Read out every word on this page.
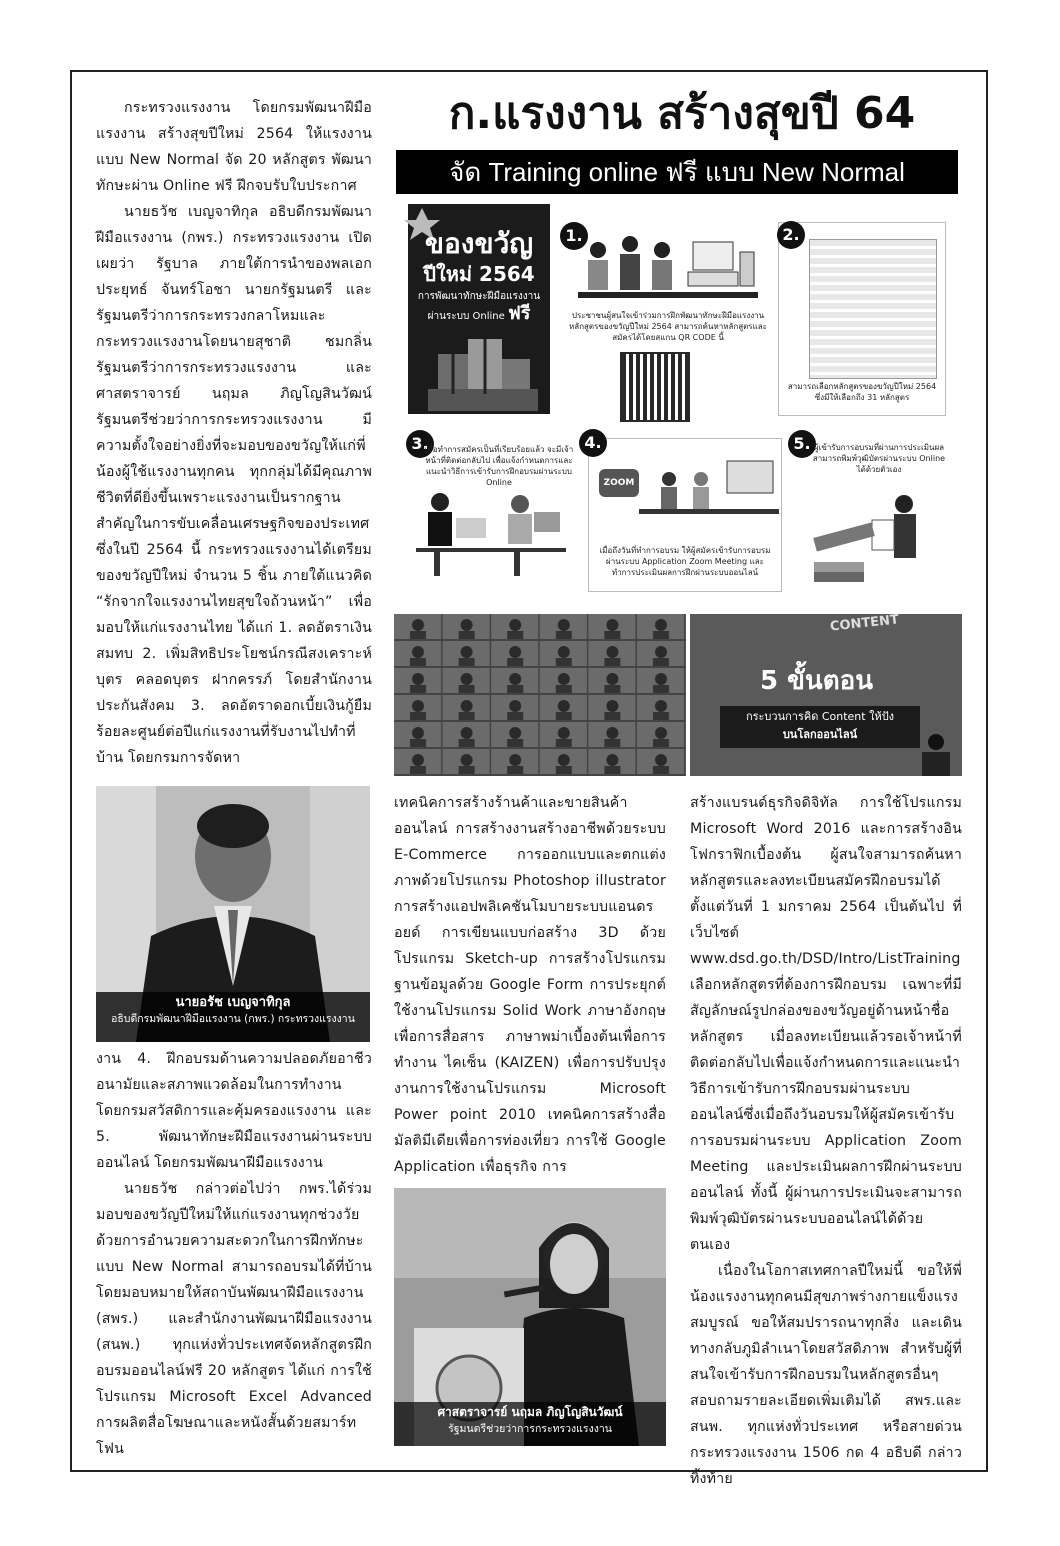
กระทรวงแรงงาน โดยกรมพัฒนาฝีมือแรงงาน สร้างสุขปีใหม่ 2564 ให้แรงงานแบบ New Normal จัด 20 หลักสูตร พัฒนาทักษะผ่าน Online ฟรี ฝึกจบรับใบประกาศ

นายธวัช เบญจาทิกุล อธิบดีกรมพัฒนาฝีมือแรงงาน (กพร.) กระทรวงแรงงาน เปิดเผยว่า รัฐบาล ภายใต้การนำของพลเอก ประยุทธ์ จันทร์โอชา นายกรัฐมนตรี และรัฐมนตรีว่าการกระทรวงกลาโหมและกระทรวงแรงงานโดยนายสุชาติ ชมกลิ่น รัฐมนตรีว่าการกระทรวงแรงงาน และศาสตราจารย์ นฤมล ภิญโญสินวัฒน์ รัฐมนตรีช่วยว่าการกระทรวงแรงงาน มีความตั้งใจอย่างยิ่งที่จะมอบของขวัญให้แก่พี่น้องผู้ใช้แรงงานทุกคน ทุกกลุ่มได้มีคุณภาพชีวิตที่ดียิ่งขึ้นเพราะแรงงานเป็นรากฐานสำคัญในการขับเคลื่อนเศรษฐกิจของประเทศ ซึ่งในปี 2564 นี้ กระทรวงแรงงานได้เตรียมของขวัญปีใหม่ จำนวน 5 ชิ้น ภายใต้แนวคิด “รักจากใจแรงงานไทยสุขใจถ้วนหน้า” เพื่อมอบให้แก่แรงงานไทย ได้แก่ 1. ลดอัตราเงินสมทบ 2. เพิ่มสิทธิประโยชน์กรณีสงเคราะห์บุตร คลอดบุตร ฝากครรภ์ โดยสำนักงานประกันสังคม 3. ลดอัตราดอกเบี้ยเงินกู้ยืมร้อยละศูนย์ต่อปีแก่แรงงานที่รับงานไปทำที่บ้าน โดยกรมการจัดหา

นายอรัช เบญจาทิกุล
อธิบดีกรมพัฒนาฝีมือแรงงาน (กพร.) กระทรวงแรงงาน

งาน 4. ฝึกอบรมด้านความปลอดภัยอาชีวอนามัยและสภาพแวดล้อมในการทำงาน โดยกรมสวัสดิการและคุ้มครองแรงงาน และ 5. พัฒนาทักษะฝีมือแรงงานผ่านระบบออนไลน์ โดยกรมพัฒนาฝีมือแรงงาน

นายธวัช กล่าวต่อไปว่า กพร.ได้ร่วมมอบของขวัญปีใหม่ให้แก่แรงงานทุกช่วงวัยด้วยการอำนวยความสะดวกในการฝึกทักษะแบบ New Normal สามารถอบรมได้ที่บ้านโดยมอบหมายให้สถาบันพัฒนาฝีมือแรงงาน (สพร.) และสำนักงานพัฒนาฝีมือแรงงาน (สนพ.) ทุกแห่งทั่วประเทศจัดหลักสูตรฝึกอบรมออนไลน์ฟรี 20 หลักสูตร ได้แก่ การใช้โปรแกรม Microsoft Excel Advanced การผลิตสื่อโฆษณาและหนังสั้นด้วยสมาร์ทโฟน

ก.แรงงาน สร้างสุขปี 64
จัด Training online ฟรี แบบ New Normal
ของขวัญ
ปีใหม่ 2564
การพัฒนาทักษะฝีมือแรงงาน
ผ่านระบบ Online ฟรี
1.
ประชาชนผู้สนใจเข้าร่วมการฝึกพัฒนาทักษะฝีมือแรงงาน หลักสูตรของขวัญปีใหม่ 2564 สามารถค้นหาหลักสูตรและสมัครได้โดยสแกน QR CODE นี้
2.
สามารถเลือกหลักสูตรของขวัญปีใหม่ 2564 ซึ่งมีให้เลือกถึง 31 หลักสูตร
3.
เมื่อทำการสมัครเป็นที่เรียบร้อยแล้ว จะมีเจ้าหน้าที่ติดต่อกลับไป เพื่อแจ้งกำหนดการและแนะนำวิธีการเข้ารับการฝึกอบรมผ่านระบบ Online
4.
ZOOM
เมื่อถึงวันที่ทำการอบรม ให้ผู้สมัครเข้ารับการอบรมผ่านระบบ Application Zoom Meeting และทำการประเมินผลการฝึกผ่านระบบออนไลน์
5. ผู้เข้ารับการอบรมที่ผ่านการประเมินผลสามารถพิมพ์วุฒิบัตรผ่านระบบ Online ได้ด้วยตัวเอง
CONTENT
5 ขั้นตอน
กระบวนการคิด Content ให้ปัง
บนโลกออนไลน์

เทคนิคการสร้างร้านค้าและขายสินค้าออนไลน์ การสร้างงานสร้างอาชีพด้วยระบบ E-Commerce การออกแบบและตกแต่งภาพด้วยโปรแกรม Photoshop illustrator การสร้างแอปพลิเคชันโมบายระบบแอนดรอยด์ การเขียนแบบก่อสร้าง 3D ด้วยโปรแกรม Sketch-up การสร้างโปรแกรมฐานข้อมูลด้วย Google Form การประยุกต์ใช้งานโปรแกรม Solid Work ภาษาอังกฤษเพื่อการสื่อสาร ภาษาพม่าเบื้องต้นเพื่อการทำงาน ไคเซ็น (KAIZEN) เพื่อการปรับปรุงงานการใช้งานโปรแกรม Microsoft Power point 2010 เทคนิคการสร้างสื่อมัลติมีเดียเพื่อการท่องเที่ยว การใช้ Google Application เพื่อธุรกิจ การ

ศาสตราจารย์ นฤมล ภิญโญสินวัฒน์
รัฐมนตรีช่วยว่าการกระทรวงแรงงาน

สร้างแบรนด์ธุรกิจดิจิทัล การใช้โปรแกรม Microsoft Word 2016 และการสร้างอินโฟกราฟิกเบื้องต้น ผู้สนใจสามารถค้นหาหลักสูตรและลงทะเบียนสมัครฝึกอบรมได้ตั้งแต่วันที่ 1 มกราคม 2564 เป็นต้นไป ที่เว็บไซต์ www.dsd.go.th/DSD/Intro/ListTraining เลือกหลักสูตรที่ต้องการฝึกอบรม เฉพาะที่มีสัญลักษณ์รูปกล่องของขวัญอยู่ด้านหน้าชื่อหลักสูตร เมื่อลงทะเบียนแล้วรอเจ้าหน้าที่ติดต่อกลับไปเพื่อแจ้งกำหนดการและแนะนำวิธีการเข้ารับการฝึกอบรมผ่านระบบออนไลน์ซึ่งเมื่อถึงวันอบรมให้ผู้สมัครเข้ารับการอบรมผ่านระบบ Application Zoom Meeting และประเมินผลการฝึกผ่านระบบออนไลน์ ทั้งนี้ ผู้ผ่านการประเมินจะสามารถพิมพ์วุฒิบัตรผ่านระบบออนไลน์ได้ด้วยตนเอง

เนื่องในโอกาสเทศกาลปีใหม่นี้ ขอให้พี่น้องแรงงานทุกคนมีสุขภาพร่างกายแข็งแรงสมบูรณ์ ขอให้สมปรารถนาทุกสิ่ง และเดินทางกลับภูมิลำเนาโดยสวัสดิภาพ สำหรับผู้ที่สนใจเข้ารับการฝึกอบรมในหลักสูตรอื่นๆ สอบถามรายละเอียดเพิ่มเติมได้ สพร.และสนพ. ทุกแห่งทั่วประเทศ หรือสายด่วนกระทรวงแรงงาน 1506 กด 4 อธิบดี กล่าวทิ้งท้าย
